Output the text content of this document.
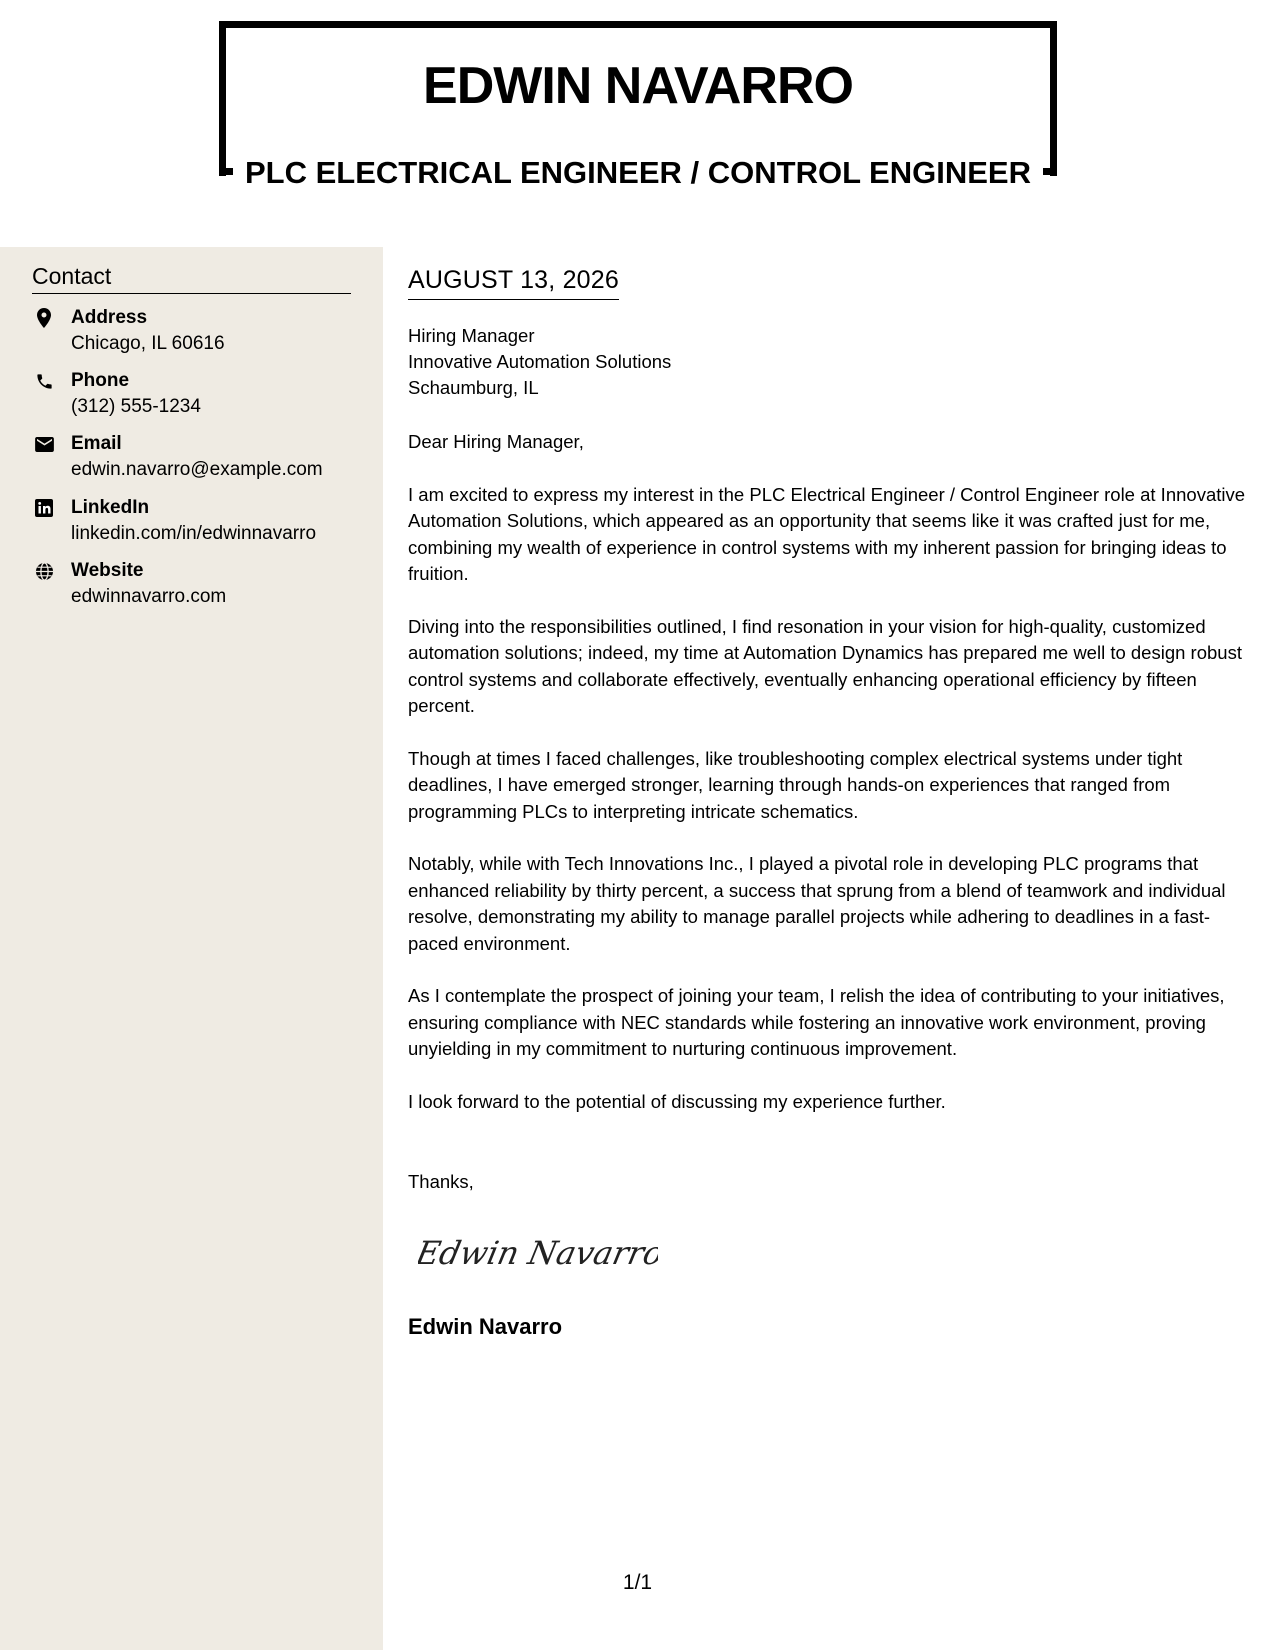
EDWIN NAVARRO
PLC ELECTRICAL ENGINEER / CONTROL ENGINEER
Contact
Address
Chicago, IL 60616
Phone
(312) 555-1234
Email
edwin.navarro@example.com
LinkedIn
linkedin.com/in/edwinnavarro
Website
edwinnavarro.com
AUGUST 13, 2026
Hiring Manager
Innovative Automation Solutions
Schaumburg, IL

Dear Hiring Manager,

I am excited to express my interest in the PLC Electrical Engineer / Control Engineer role at Innovative Automation Solutions, which appeared as an opportunity that seems like it was crafted just for me, combining my wealth of experience in control systems with my inherent passion for bringing ideas to fruition.

Diving into the responsibilities outlined, I find resonation in your vision for high-quality, customized automation solutions; indeed, my time at Automation Dynamics has prepared me well to design robust control systems and collaborate effectively, eventually enhancing operational efficiency by fifteen percent.

Though at times I faced challenges, like troubleshooting complex electrical systems under tight deadlines, I have emerged stronger, learning through hands-on experiences that ranged from programming PLCs to interpreting intricate schematics.

Notably, while with Tech Innovations Inc., I played a pivotal role in developing PLC programs that enhanced reliability by thirty percent, a success that sprung from a blend of teamwork and individual resolve, demonstrating my ability to manage parallel projects while adhering to deadlines in a fast-paced environment.

As I contemplate the prospect of joining your team, I relish the idea of contributing to your initiatives, ensuring compliance with NEC standards while fostering an innovative work environment, proving unyielding in my commitment to nurturing continuous improvement.

I look forward to the potential of discussing my experience further.

Thanks,
Edwin Navarro
Edwin Navarro
1/1
